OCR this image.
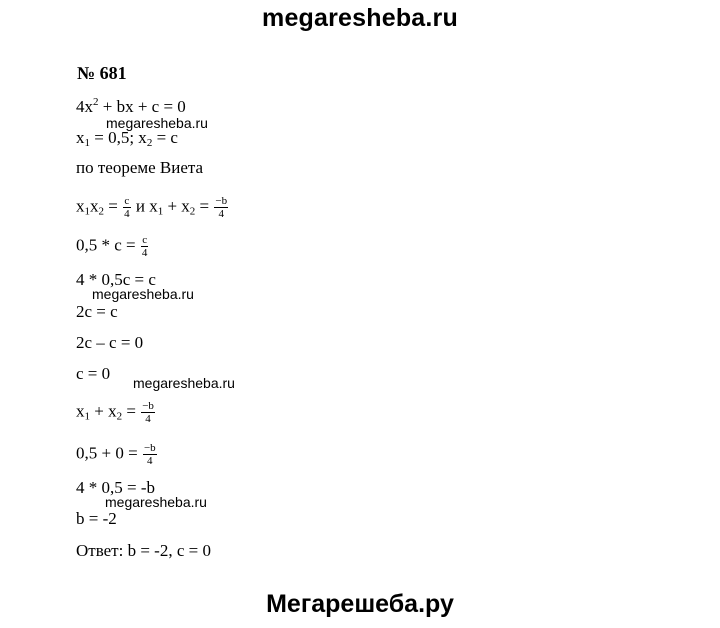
megaresheba.ru
№ 681
$4x^2$ + bx + c = 0
$x_1 = 0,5$; $x_2 = c$
по теореме Виета
$x_1x_2 = \frac{c}{4}$ и $x_1 + x_2 = \frac{-b}{4}$
$0,5 * c = \frac{c}{4}$
4 * 0,5c = c
2c = c
2c – c = 0
c = 0
$x_1 + x_2 = \frac{-b}{4}$
$0,5 + 0 = \frac{-b}{4}$
4 * 0,5 = -b
b = -2
Ответ: b = -2, c = 0
megaresheba.ru
megaresheba.ru
megaresheba.ru
megaresheba.ru
Мегарешеба.ру
